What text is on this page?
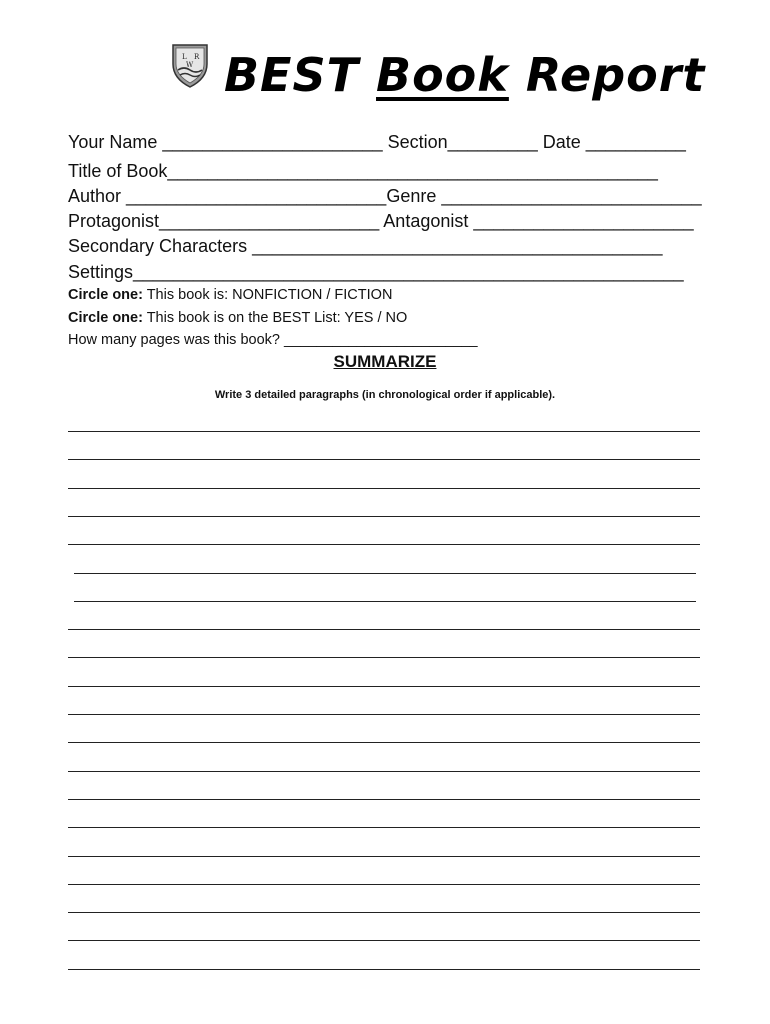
L
W
R BEST Book Report
Your Name ______________________ Section_________ Date __________
Title of Book_________________________________________________
Author __________________________Genre __________________________
Protagonist______________________ Antagonist ______________________
Secondary Characters _________________________________________
Settings_______________________________________________________
Circle one: This book is: NONFICTION / FICTION
Circle one: This book is on the BEST List: YES / NO
How many pages was this book? ________________________
SUMMARIZE
Write 3 detailed paragraphs (in chronological order if applicable).
